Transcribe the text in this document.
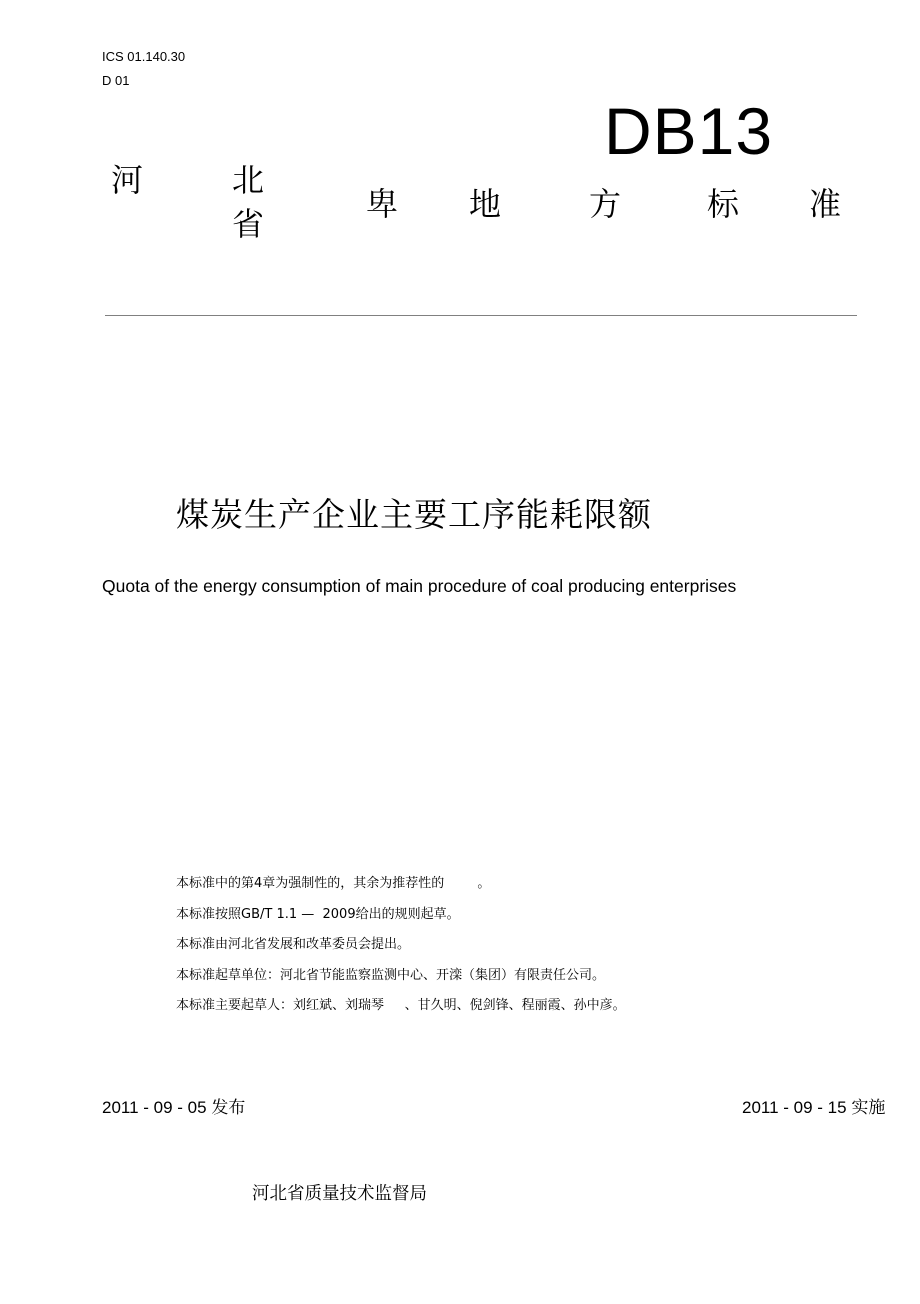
ICS 01.140.30
D 01
DB13
河	北
省
卑 地	方	标 准
煤炭生产企业主要工序能耗限额
Quota of the energy consumption of main procedure of coal producing enterprises
本标准中的第4章为强制性的，其余为推荐性的        。
本标准按照GB/T 1.1 —  2009给出的规则起草。
本标准由河北省发展和改革委员会提出。
本标准起草单位：河北省节能监察监测中心、开滦（集团）有限责任公司。
本标准主要起草人：刘红斌、刘瑞琴     、甘久明、倪剑锋、程丽霞、孙中彦。
2011 - 09 - 05 发布	2011 - 09 - 15 实施
河北省质量技术监督局
